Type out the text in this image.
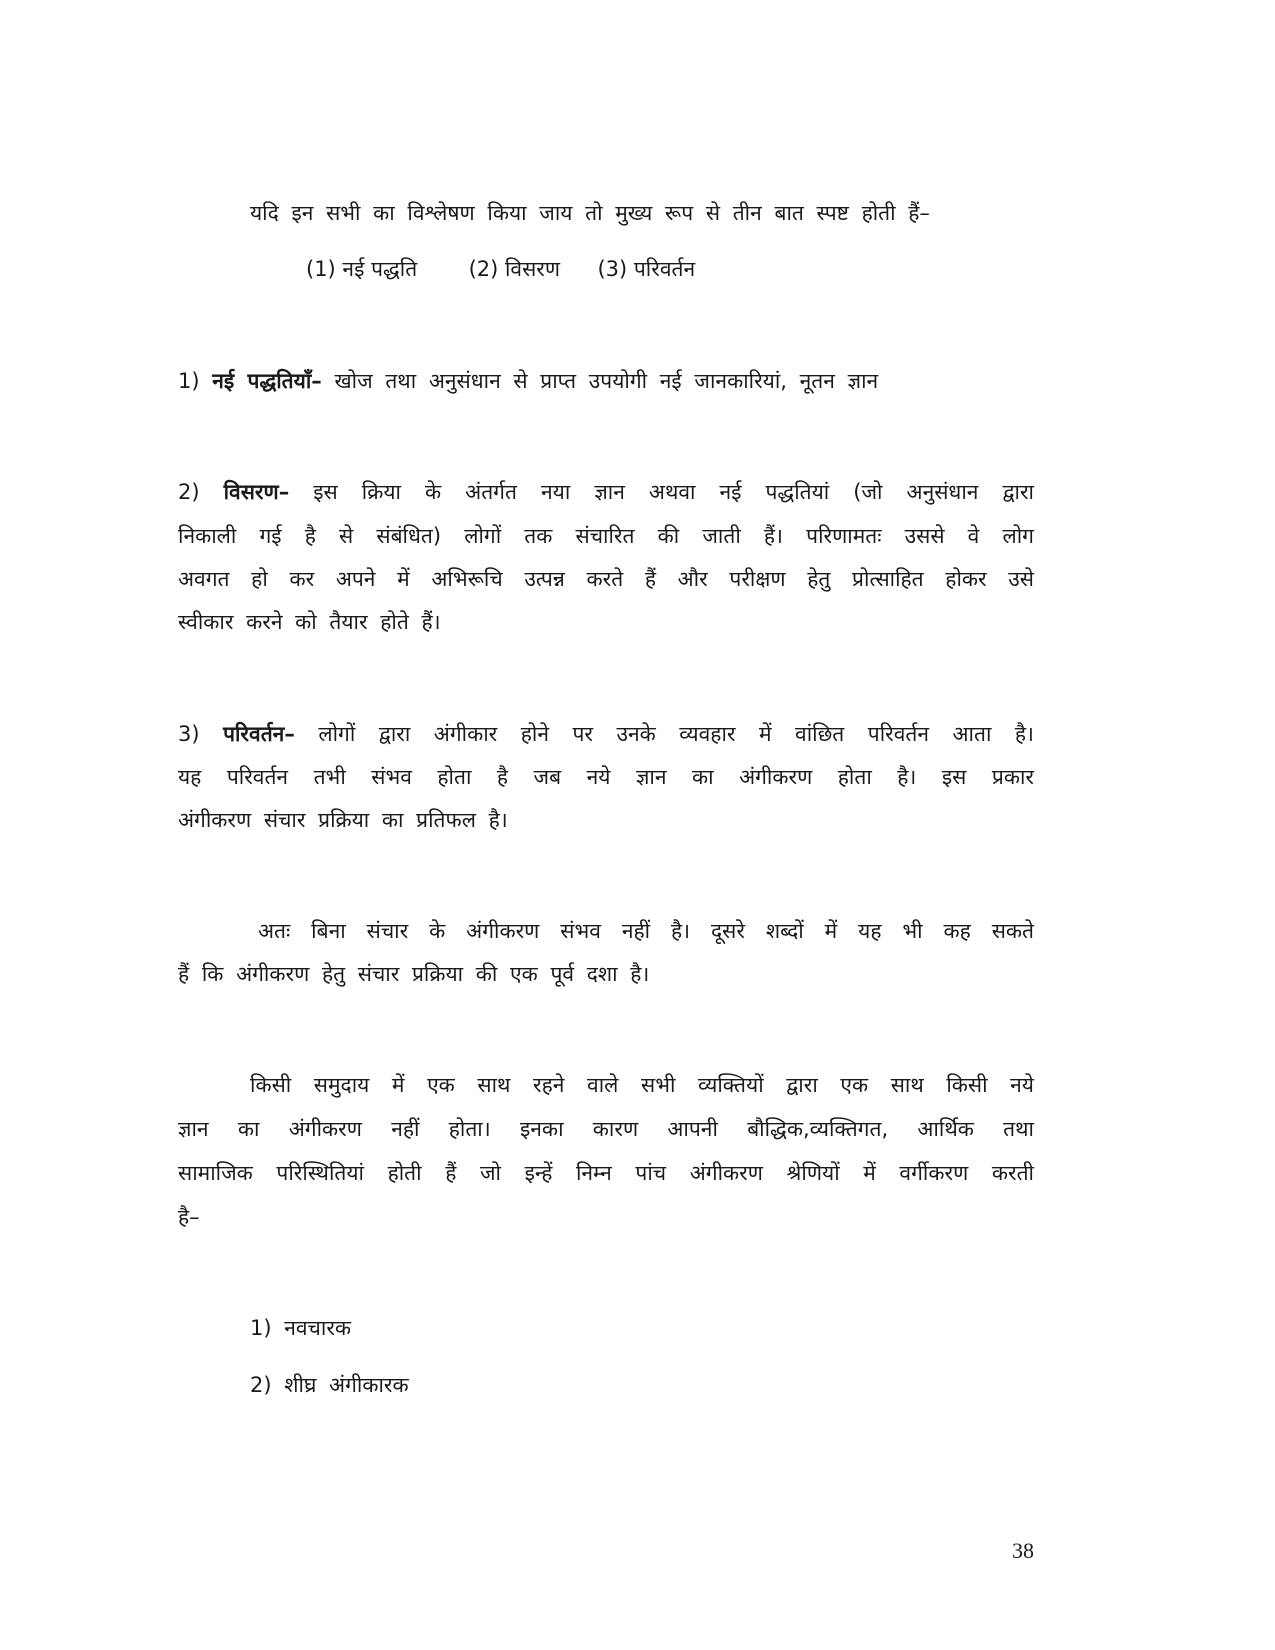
यदि इन सभी का विश्लेषण किया जाय तो मुख्य रूप से तीन बात स्पष्ट होती हैं–
(1) नई पद्धति (2) विसरण (3) परिवर्तन
1) नई पद्धतियाँ– खोज तथा अनुसंधान से प्राप्त उपयोगी नई जानकारियां, नूतन ज्ञान
2) विसरण– इस क्रिया के अंतर्गत नया ज्ञान अथवा नई पद्धतियां (जो अनुसंधान द्वारा
निकाली गई है से संबंधित) लोगों तक संचारित की जाती हैं। परिणामतः उससे वे लोग
अवगत हो कर अपने में अभिरूचि उत्पन्न करते हैं और परीक्षण हेतु प्रोत्साहित होकर उसे
स्वीकार करने को तैयार होते हैं।
3) परिवर्तन– लोगों द्वारा अंगीकार होने पर उनके व्यवहार में वांछित परिवर्तन आता है।
यह परिवर्तन तभी संभव होता है जब नये ज्ञान का अंगीकरण होता है। इस प्रकार
अंगीकरण संचार प्रक्रिया का प्रतिफल है।
अतः बिना संचार के अंगीकरण संभव नहीं है। दूसरे शब्दों में यह भी कह सकते
हैं कि अंगीकरण हेतु संचार प्रक्रिया की एक पूर्व दशा है।
किसी समुदाय में एक साथ रहने वाले सभी व्यक्तियों द्वारा एक साथ किसी नये
ज्ञान का अंगीकरण नहीं होता। इनका कारण आपनी बौद्धिक,व्यक्तिगत, आर्थिक तथा
सामाजिक परिस्थितियां होती हैं जो इन्हें निम्न पांच अंगीकरण श्रेणियों में वर्गीकरण करती
है–
1) नवचारक
2) शीघ्र अंगीकारक
38
